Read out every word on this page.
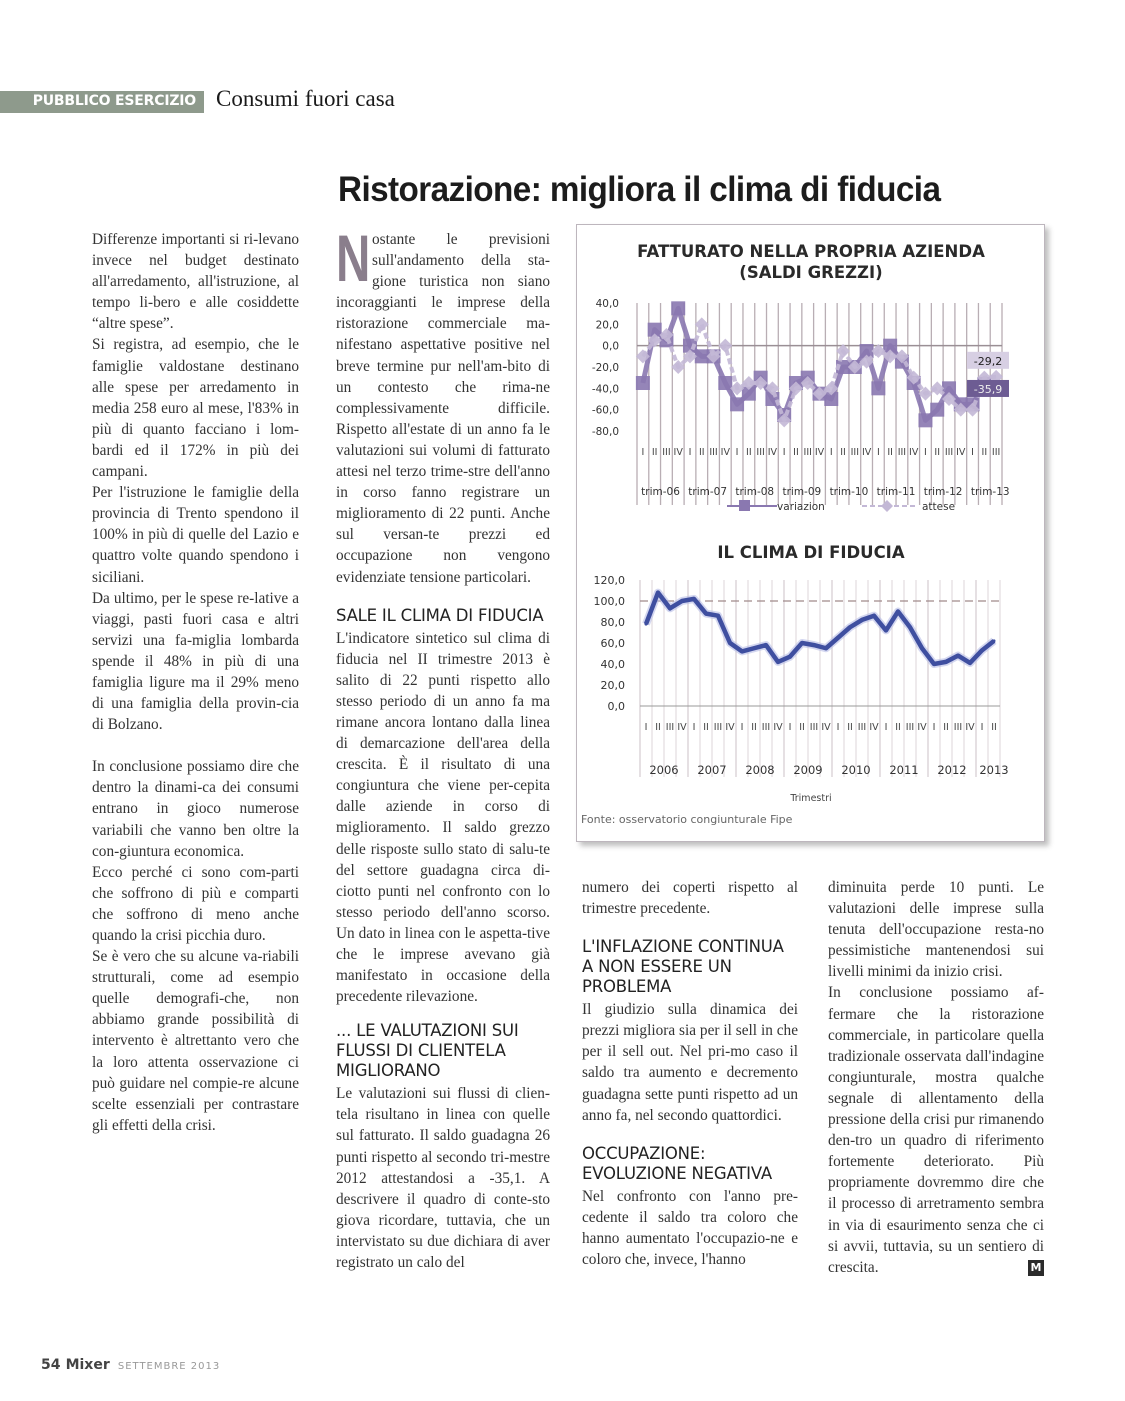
PUBBLICO ESERCIZIO Consumi fuori casa
Ristorazione: migliora il clima di fiducia

Differenze importanti si ri-levano invece nel budget destinato all'arredamento, all'istruzione, al tempo li-bero e alle cosiddette “altre spese”.

Si registra, ad esempio, che le famiglie valdostane destinano alle spese per arredamento in media 258 euro al mese, l'83% in più di quanto facciano i lom-bardi ed il 172% in più dei campani.

Per l'istruzione le famiglie della provincia di Trento spendono il 100% in più di quelle del Lazio e quattro volte quando spendono i siciliani.

Da ultimo, per le spese re-lative a viaggi, pasti fuori casa e altri servizi una fa-miglia lombarda spende il 48% in più di una famiglia ligure ma il 29% meno di una famiglia della provin-cia di Bolzano.

In conclusione possiamo dire che dentro la dinami-ca dei consumi entrano in gioco numerose variabili che vanno ben oltre la con-giuntura economica.

Ecco perché ci sono com-parti che soffrono di più e comparti che soffrono di meno anche quando la crisi picchia duro.

Se è vero che su alcune va-riabili strutturali, come ad esempio quelle demografi-che, non abbiamo grande possibilità di intervento è altrettanto vero che la loro attenta osservazione ci può guidare nel compie-re alcune scelte essenziali per contrastare gli effetti della crisi.

N ostante le previsioni sull'andamento della sta-gione turistica non siano incoraggianti le imprese della ristorazione commerciale ma-nifestano aspettative positive nel breve termine pur nell'am-bito di un contesto che rima-ne complessivamente difficile. Rispetto all'estate di un anno fa le valutazioni sui volumi di fatturato attesi nel terzo trime-stre dell'anno in corso fanno registrare un miglioramento di 22 punti. Anche sul versan-te prezzi ed occupazione non vengono evidenziate tensione particolari.

SALE IL CLIMA DI FIDUCIA

L'indicatore sintetico sul clima di fiducia nel II trimestre 2013 è salito di 22 punti rispetto allo stesso periodo di un anno fa ma rimane ancora lontano dalla linea di demarcazione dell'area della crescita. È il risultato di una congiuntura che viene per-cepita dalle aziende in corso di miglioramento. Il saldo grezzo delle risposte sullo stato di salu-te del settore guadagna circa di-ciotto punti nel confronto con lo stesso periodo dell'anno scorso. Un dato in linea con le aspetta-tive che le imprese avevano già manifestato in occasione della precedente rilevazione.

... LE VALUTAZIONI SUI FLUSSI DI CLIENTELA MIGLIORANO

Le valutazioni sui flussi di clien-tela risultano in linea con quelle sul fatturato. Il saldo guadagna 26 punti rispetto al secondo tri-mestre 2012 attestandosi a -35,1. A descrivere il quadro di conte-sto giova ricordare, tuttavia, che un intervistato su due dichiara di aver registrato un calo del

FATTURATO NELLA PROPRIA AZIENDA
(SALDI GREZZI)
40,0
20,0
0,0
-20,0
-40,0
-60,0
-80,0
I II III IV I II III IV I II III IV I II III IV I II III IV I II III IV I II III IV I II III
trim-06 trim-07 trim-08 trim-09 trim-10 trim-11 trim-12 trim-13
-29,2
-35,9
variazion	attese
IL CLIMA DI FIDUCIA
120,0
100,0
80,0
60,0
40,0
20,0
0,0
I II III IV I II III IV I II III IV I II III IV I II III IV I II III IV I II III IV I II
2006 2007 2008 2009 2010 2011 2012 2013
Trimestri
Fonte: osservatorio congiunturale Fipe

numero dei coperti rispetto al trimestre precedente.

L'INFLAZIONE CONTINUA A NON ESSERE UN PROBLEMA

Il giudizio sulla dinamica dei prezzi migliora sia per il sell in che per il sell out. Nel pri-mo caso il saldo tra aumento e decremento guadagna sette punti rispetto ad un anno fa, nel secondo quattordici.

OCCUPAZIONE: EVOLUZIONE NEGATIVA

Nel confronto con l'anno pre-cedente il saldo tra coloro che hanno aumentato l'occupazio-ne e coloro che, invece, l'hanno

diminuita perde 10 punti. Le valutazioni delle imprese sulla tenuta dell'occupazione resta-no pessimistiche mantenendosi sui livelli minimi da inizio crisi.

In conclusione possiamo af-fermare che la ristorazione commerciale, in particolare quella tradizionale osservata dall'indagine congiunturale, mostra qualche segnale di allentamento della pressione della crisi pur rimanendo den-tro un quadro di riferimento fortemente deteriorato. Più propriamente dovremmo dire che il processo di arretramento sembra in via di esaurimento senza che ci si avvii, tuttavia, su un sentiero di crescita.	M

54 Mixer SETTEMBRE 2013
